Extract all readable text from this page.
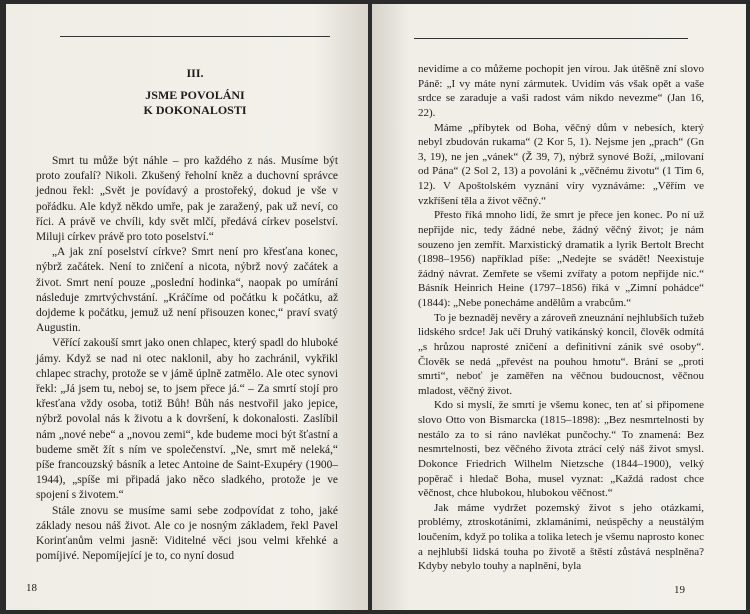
III.
JSME POVOLÁNI
K DOKONALOSTI

Smrt tu může být náhle – pro každého z nás. Musíme být proto zoufalí? Nikoli. Zkušený řeholní kněz a duchovní správce jednou řekl: „Svět je povídavý a prostořeký, dokud je vše v pořádku. Ale když někdo umře, pak je zaražený, pak už neví, co říci. A právě ve chvíli, kdy svět mlčí, předává církev poselství. Miluji církev právě pro toto poselství.“

„A jak zní poselství církve? Smrt není pro křesťana konec, nýbrž začátek. Není to zničení a nicota, nýbrž nový začátek a život. Smrt není pouze „poslední hodinka“, naopak po umírání následuje zmrtvýchvstání. „Kráčíme od počátku k počátku, až dojdeme k počátku, jemuž už není přisouzen konec,“ praví svatý Augustin.

Věřící zakouší smrt jako onen chlapec, který spadl do hluboké jámy. Když se nad ni otec naklonil, aby ho zachránil, vykřikl chlapec strachy, protože se v jámě úplně zatmělo. Ale otec synovi řekl: „Já jsem tu, neboj se, to jsem přece já.“ – Za smrtí stojí pro křesťana vždy osoba, totiž Bůh! Bůh nás nestvořil jako jepice, nýbrž povolal nás k životu a k dovršení, k dokonalosti. Zaslíbil nám „nové nebe“ a „novou zemi“, kde budeme moci být šťastní a budeme smět žít s ním ve společenství. „Ne, smrt mě neleká,“ píše francouzský básník a letec Antoine de Saint-Exupéry (1900–1944), „spíše mi připadá jako něco sladkého, protože je ve spojení s životem.“

Stále znovu se musíme sami sebe zodpovídat z toho, jaké základy nesou náš život. Ale co je nosným základem, řekl Pavel Korinťanům velmi jasně: Viditelné věci jsou velmi křehké a pomíjivé. Nepomíjející je to, co nyní dosud

18

nevidíme a co můžeme pochopit jen vírou. Jak útěšně zní slovo Páně: „I vy máte nyní zármutek. Uvidím vás však opět a vaše srdce se zaraduje a vaši radost vám nikdo nevezme“ (Jan 16, 22).

Máme „příbytek od Boha, věčný dům v nebesích, který nebyl zbudován rukama“ (2 Kor 5, 1). Nejsme jen „prach“ (Gn 3, 19), ne jen „vánek“ (Ž 39, 7), nýbrž synové Boží, „milovaní od Pána“ (2 Sol 2, 13) a povoláni k „věčnému životu“ (1 Tim 6, 12). V Apoštolském vyznání víry vyznáváme: „Věřím ve vzkříšení těla a život věčný.“

Přesto říká mnoho lidí, že smrt je přece jen konec. Po ní už nepřijde nic, tedy žádné nebe, žádný věčný život; je nám souzeno jen zemřít. Marxistický dramatik a lyrik Bertolt Brecht (1898–1956) například píše: „Nedejte se svádět! Neexistuje žádný návrat. Zemřete se všemi zvířaty a potom nepřijde nic.“ Básník Heinrich Heine (1797–1856) říká v „Zimní pohádce“ (1844): „Nebe ponecháme andělům a vrabcům.“

To je beznaděj nevěry a zároveň zneuznání nejhlubších tužeb lidského srdce! Jak učí Druhý vatikánský koncil, člověk odmítá „s hrůzou naprosté zničení a definitivní zánik své osoby“. Člověk se nedá „převést na pouhou hmotu“. Brání se „proti smrti“, neboť je zaměřen na věčnou budoucnost, věčnou mladost, věčný život.

Kdo si myslí, že smrtí je všemu konec, ten ať si připomene slovo Otto von Bismarcka (1815–1898): „Bez nesmrtelnosti by nestálo za to si ráno navlékat punčochy.“ To znamená: Bez nesmrtelnosti, bez věčného života ztrácí celý náš život smysl. Dokonce Friedrich Wilhelm Nietzsche (1844–1900), velký popěrač i hledač Boha, musel vyznat: „Každá radost chce věčnost, chce hlubokou, hlubokou věčnost.“

Jak máme vydržet pozemský život s jeho otázkami, problémy, ztroskotáními, zklamáními, neúspěchy a neustálým loučením, když po tolika a tolika letech je všemu naprosto konec a nejhlubší lidská touha po životě a štěstí zůstává nesplněna? Kdyby nebylo touhy a naplnění, byla

19
